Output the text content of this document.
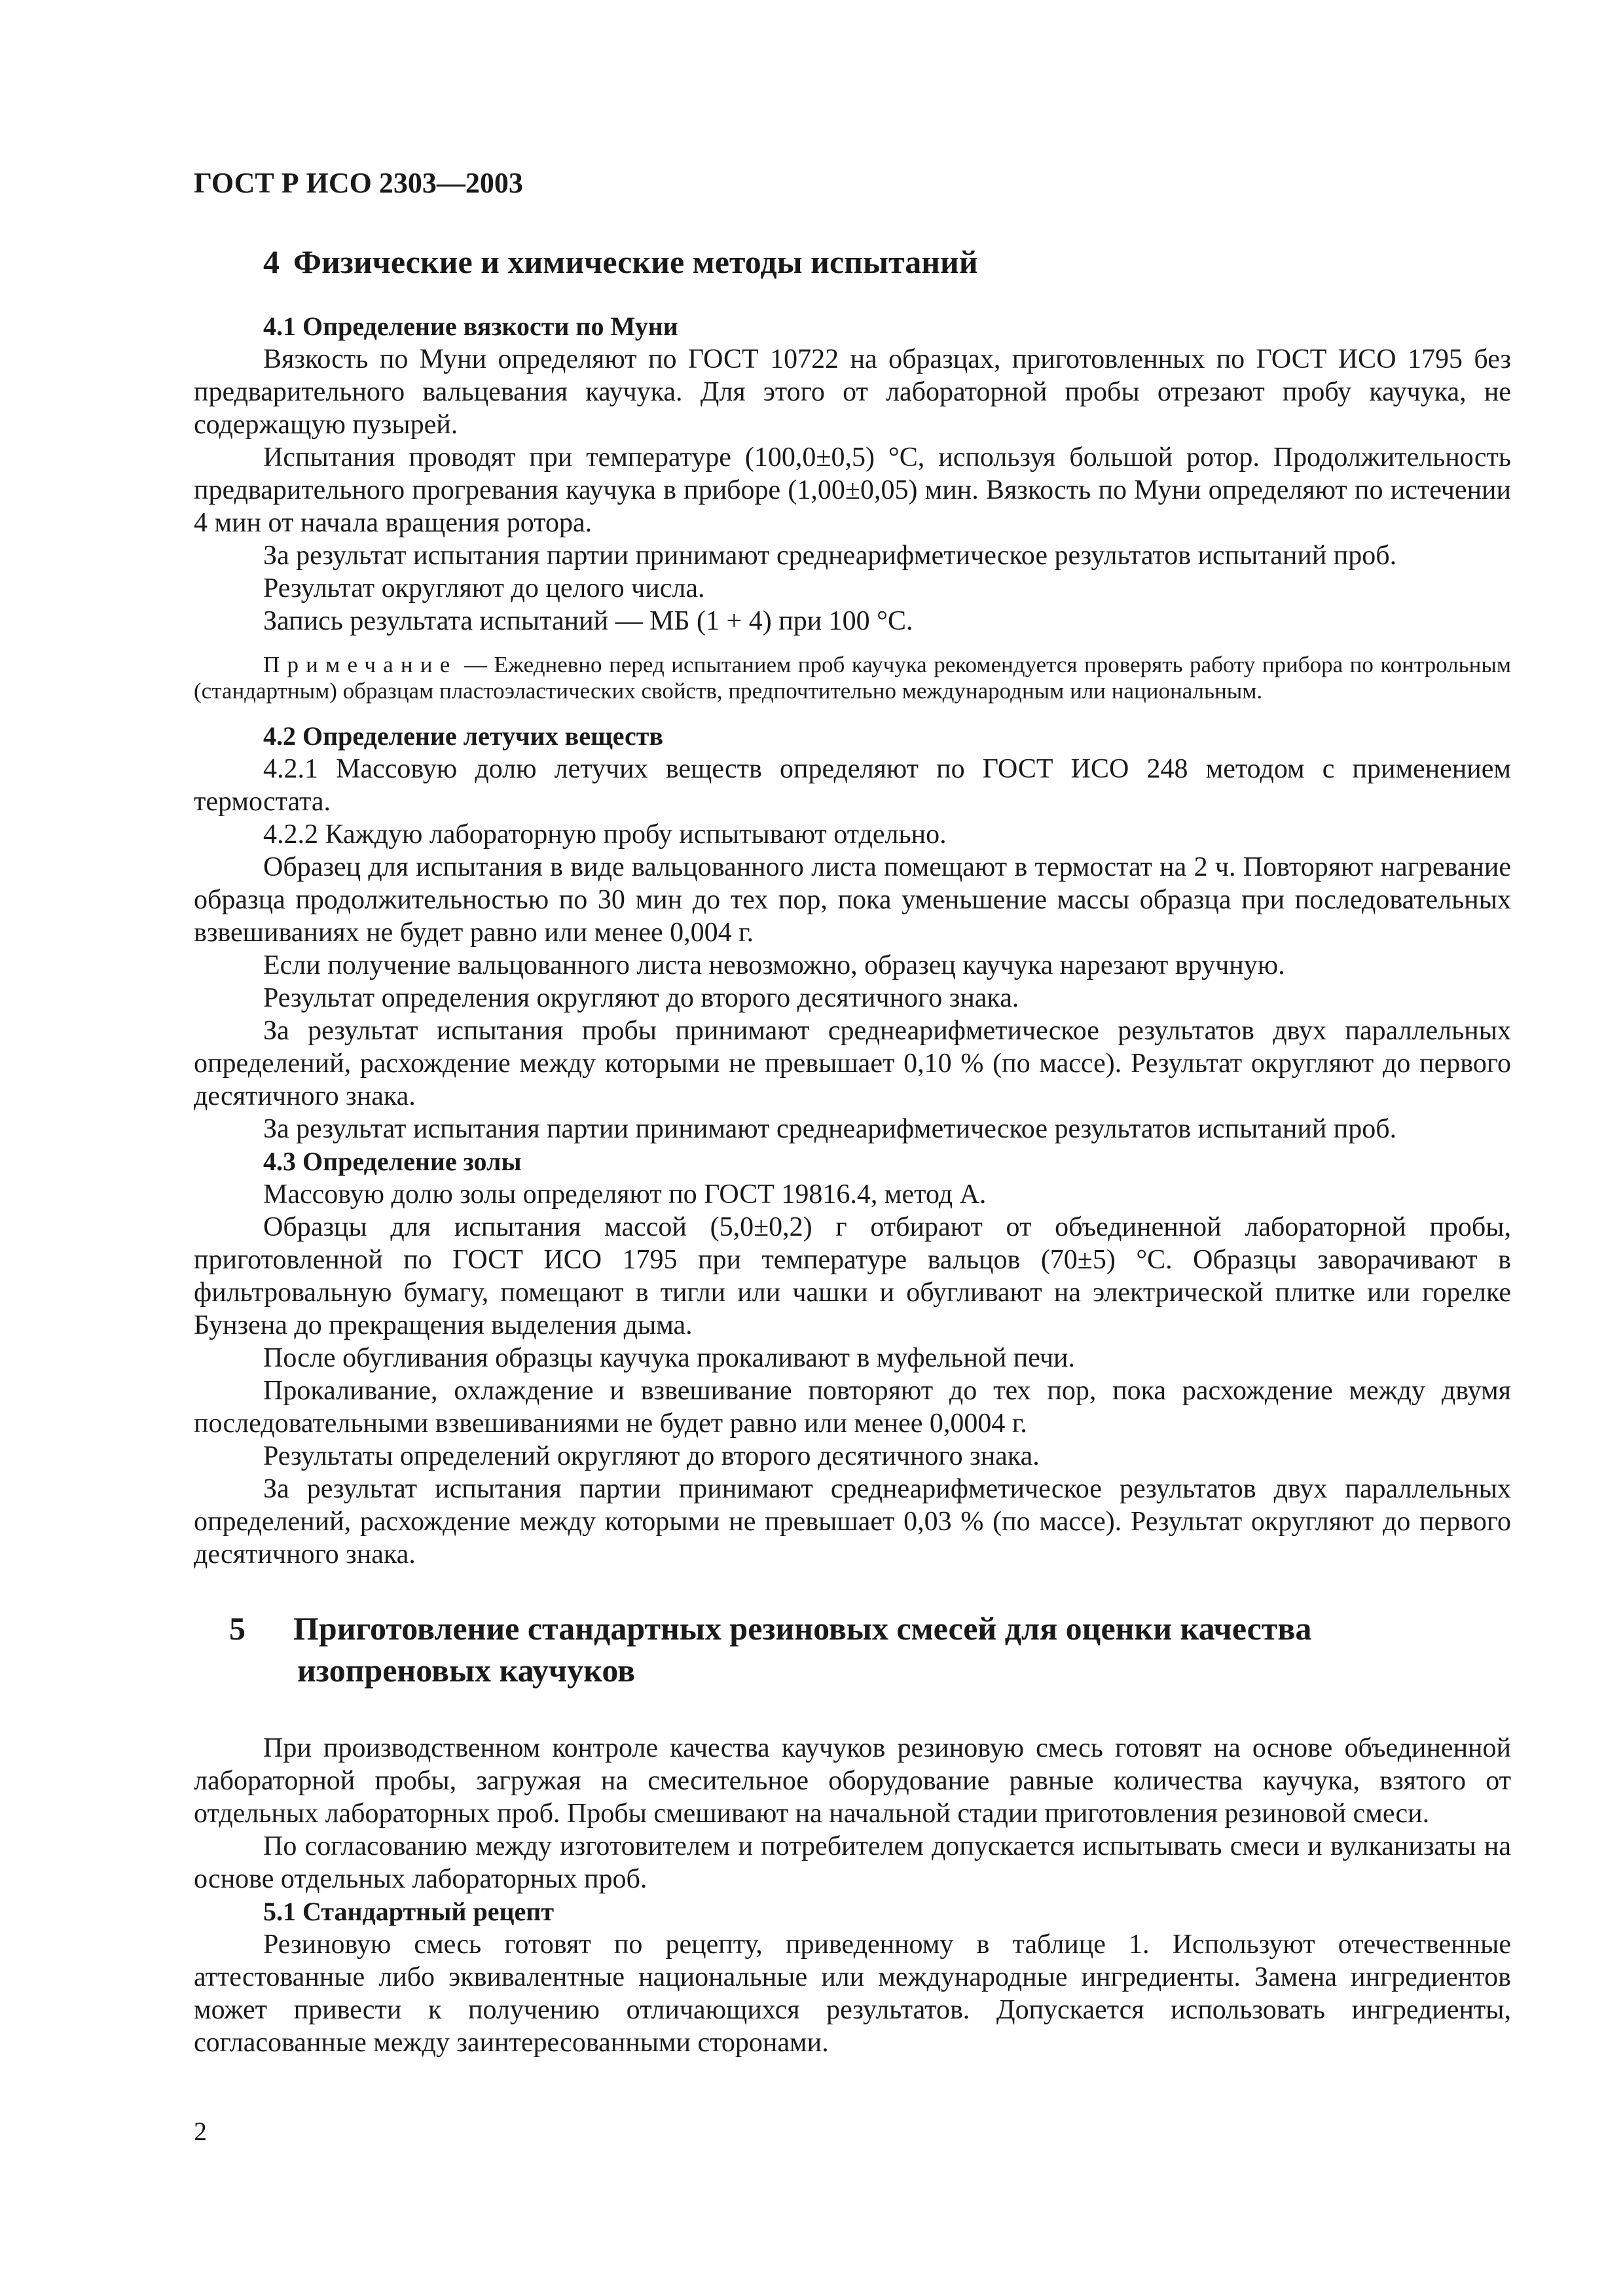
ГОСТ Р ИСО 2303—2003
4 Физические и химические методы испытаний
4.1 Определение вязкости по Муни

Вязкость по Муни определяют по ГОСТ 10722 на образцах, приготовленных по ГОСТ ИСО 1795 без предварительного вальцевания каучука. Для этого от лабораторной пробы отрезают пробу каучука, не содержащую пузырей.

Испытания проводят при температуре (100,0±0,5) °С, используя большой ротор. Продолжительность предварительного прогревания каучука в приборе (1,00±0,05) мин. Вязкость по Муни определяют по истечении 4 мин от начала вращения ротора.

За результат испытания партии принимают среднеарифметическое результатов испытаний проб.

Результат округляют до целого числа.

Запись результата испытаний — МБ (1 + 4) при 100 °С.

Примечание — Ежедневно перед испытанием проб каучука рекомендуется проверять работу прибора по контрольным (стандартным) образцам пластоэластических свойств, предпочтительно международным или национальным.

4.2 Определение летучих веществ

4.2.1 Массовую долю летучих веществ определяют по ГОСТ ИСО 248 методом с применением термостата.

4.2.2 Каждую лабораторную пробу испытывают отдельно.

Образец для испытания в виде вальцованного листа помещают в термостат на 2 ч. Повторяют нагревание образца продолжительностью по 30 мин до тех пор, пока уменьшение массы образца при последовательных взвешиваниях не будет равно или менее 0,004 г.

Если получение вальцованного листа невозможно, образец каучука нарезают вручную.

Результат определения округляют до второго десятичного знака.

За результат испытания пробы принимают среднеарифметическое результатов двух параллельных определений, расхождение между которыми не превышает 0,10 % (по массе). Результат округляют до первого десятичного знака.

За результат испытания партии принимают среднеарифметическое результатов испытаний проб.

4.3 Определение золы

Массовую долю золы определяют по ГОСТ 19816.4, метод А.

Образцы для испытания массой (5,0±0,2) г отбирают от объединенной лабораторной пробы, приготовленной по ГОСТ ИСО 1795 при температуре вальцов (70±5) °С. Образцы заворачивают в фильтровальную бумагу, помещают в тигли или чашки и обугливают на электрической плитке или горелке Бунзена до прекращения выделения дыма.

После обугливания образцы каучука прокаливают в муфельной печи.

Прокаливание, охлаждение и взвешивание повторяют до тех пор, пока расхождение между двумя последовательными взвешиваниями не будет равно или менее 0,0004 г.

Результаты определений округляют до второго десятичного знака.

За результат испытания партии принимают среднеарифметическое результатов двух параллельных определений, расхождение между которыми не превышает 0,03 % (по массе). Результат округляют до первого десятичного знака.

5 Приготовление стандартных резиновых смесей для оценки качества изопреновых каучуков

При производственном контроле качества каучуков резиновую смесь готовят на основе объединенной лабораторной пробы, загружая на смесительное оборудование равные количества каучука, взятого от отдельных лабораторных проб. Пробы смешивают на начальной стадии приготовления резиновой смеси.

По согласованию между изготовителем и потребителем допускается испытывать смеси и вулканизаты на основе отдельных лабораторных проб.

5.1 Стандартный рецепт

Резиновую смесь готовят по рецепту, приведенному в таблице 1. Используют отечественные аттестованные либо эквивалентные национальные или международные ингредиенты. Замена ингредиентов может привести к получению отличающихся результатов. Допускается использовать ингредиенты, согласованные между заинтересованными сторонами.

2
